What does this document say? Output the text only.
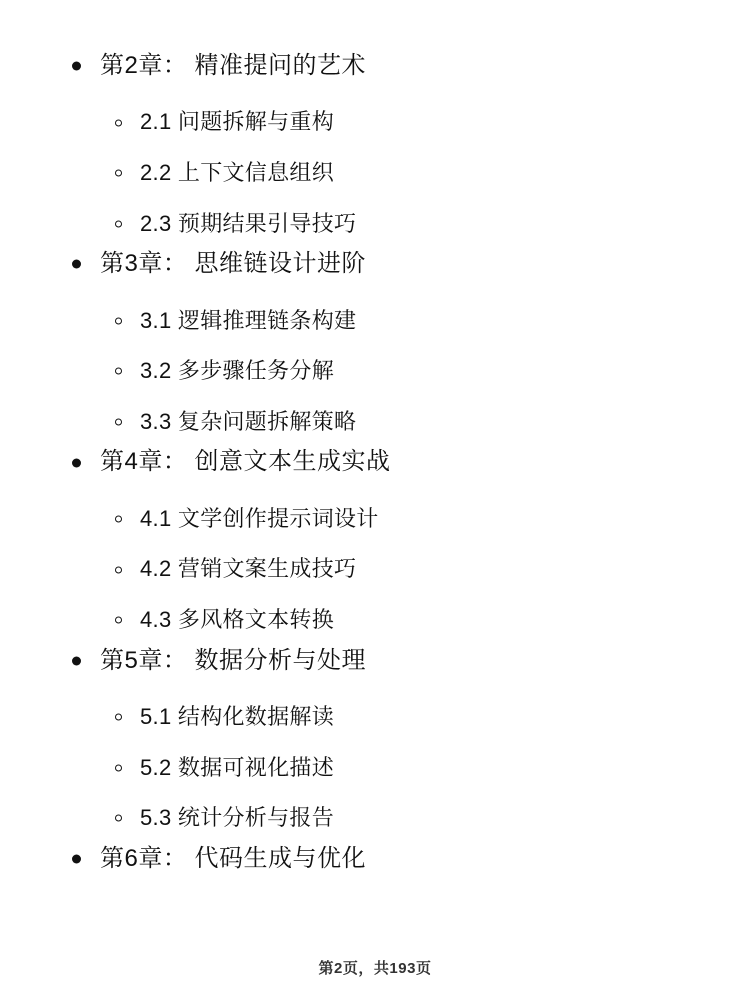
第2章： 精准提问的艺术
2.1 问题拆解与重构
2.2 上下文信息组织
2.3 预期结果引导技巧
第3章： 思维链设计进阶
3.1 逻辑推理链条构建
3.2 多步骤任务分解
3.3 复杂问题拆解策略
第4章： 创意文本生成实战
4.1 文学创作提示词设计
4.2 营销文案生成技巧
4.3 多风格文本转换
第5章： 数据分析与处理
5.1 结构化数据解读
5.2 数据可视化描述
5.3 统计分析与报告
第6章： 代码生成与优化
第2页，共193页
